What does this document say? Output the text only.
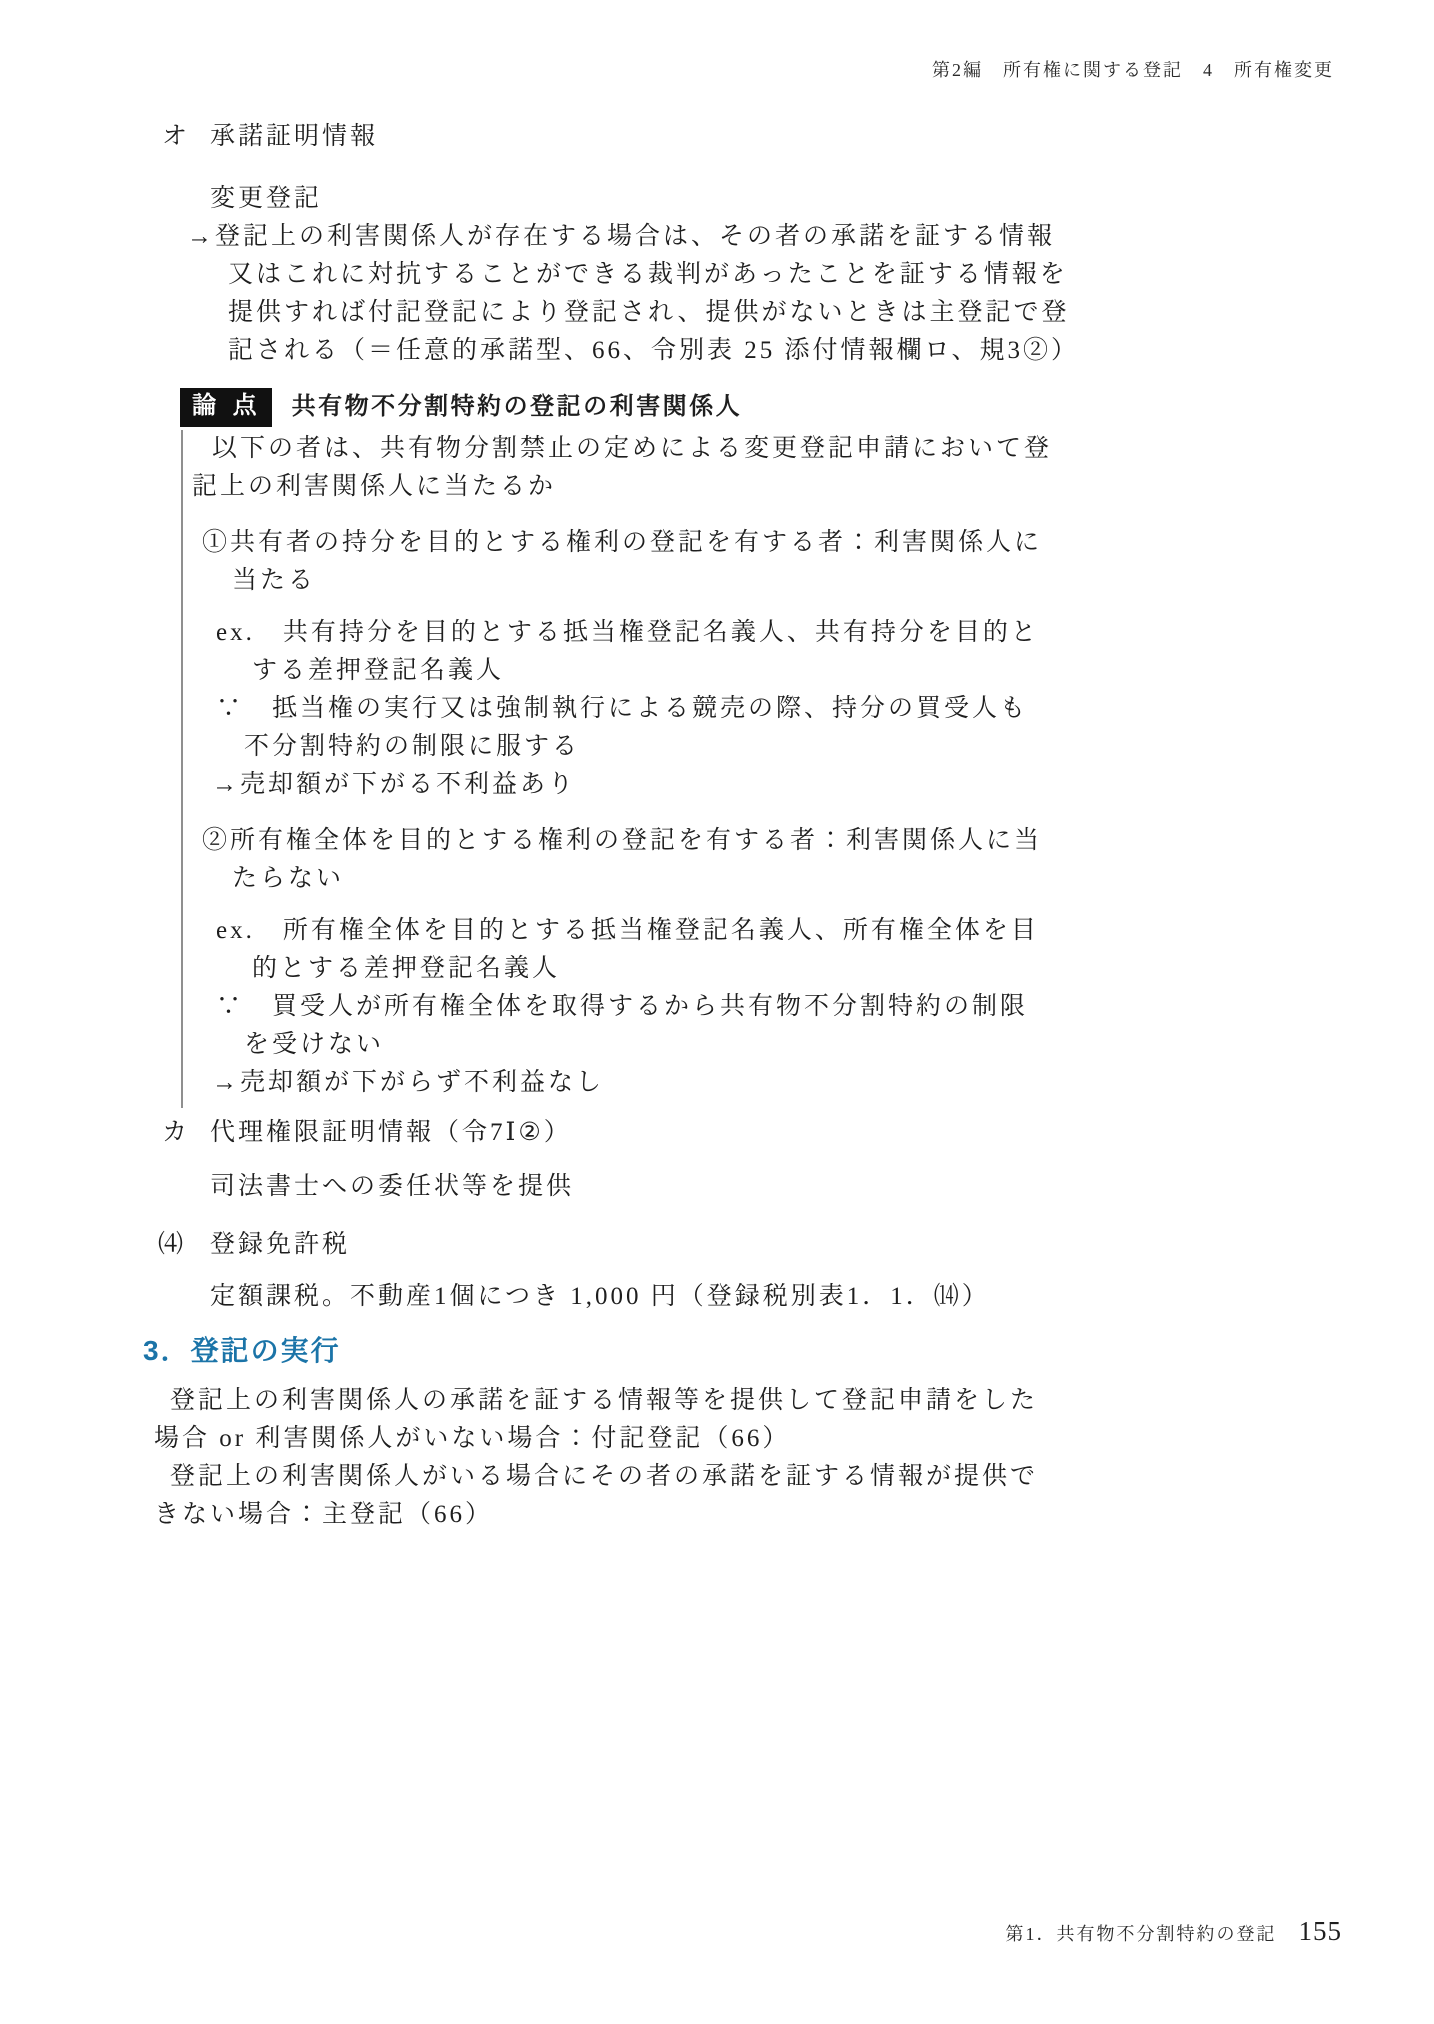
第2編　所有権に関する登記　4　所有権変更
オ 承諾証明情報
変更登記
→登記上の利害関係人が存在する場合は、その者の承諾を証する情報
又はこれに対抗することができる裁判があったことを証する情報を
提供すれば付記登記により登記され、提供がないときは主登記で登
記される（＝任意的承諾型、66、令別表 25 添付情報欄ロ、規3②）
論 点	共有物不分割特約の登記の利害関係人
以下の者は、共有物分割禁止の定めによる変更登記申請において登
記上の利害関係人に当たるか
①共有者の持分を目的とする権利の登記を有する者：利害関係人に
当たる
ex.　共有持分を目的とする抵当権登記名義人、共有持分を目的と
する差押登記名義人
∵　抵当権の実行又は強制執行による競売の際、持分の買受人も
不分割特約の制限に服する
→売却額が下がる不利益あり
②所有権全体を目的とする権利の登記を有する者：利害関係人に当
たらない
ex.　所有権全体を目的とする抵当権登記名義人、所有権全体を目
的とする差押登記名義人
∵　買受人が所有権全体を取得するから共有物不分割特約の制限
を受けない
→売却額が下がらず不利益なし
カ 代理権限証明情報（令7Ⅰ②）
司法書士への委任状等を提供
⑷ 登録免許税
定額課税。不動産1個につき 1,000 円（登録税別表1．1．⒁）
3．登記の実行
登記上の利害関係人の承諾を証する情報等を提供して登記申請をした
場合 or 利害関係人がいない場合：付記登記（66）
登記上の利害関係人がいる場合にその者の承諾を証する情報が提供で
きない場合：主登記（66）
第1．共有物不分割特約の登記 155
